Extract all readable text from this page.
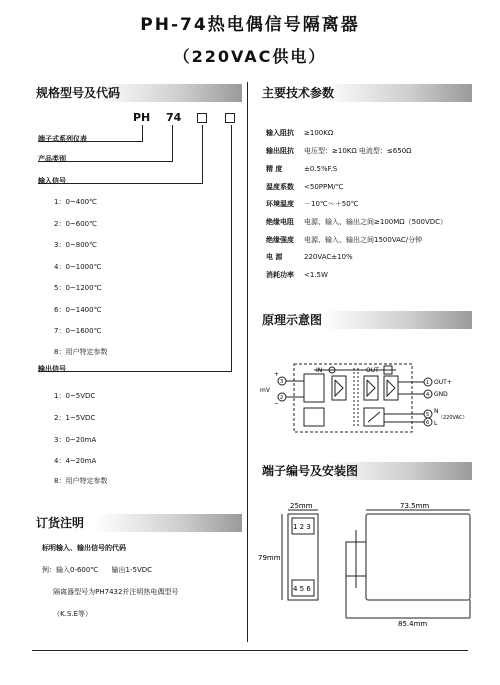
PH-74热电偶信号隔离器
（220VAC供电）
规格型号及代码
PH 74
端子式系列仪表
产品类别
输入信号
输出信号
1：0~400℃
2：0~600℃
3：0~800℃
4：0~1000℃
5：0~1200℃
6：0~1400℃
7：0~1600℃
8：用户特定参数
1：0~5VDC
2：1~5VDC
3：0~20mA
4：4~20mA
8：用户特定参数
订货注明
标明输入、输出信号的代码
例：输入0-600℃      输出1-5VDC
隔离器型号为PH7432并注明热电偶型号
（K.S.E等）
主要技术参数
输入阻抗 ≥100KΩ
输出阻抗 电压型：≥10KΩ 电流型：≤650Ω
精 度	±0.5%F.S
温度系数 <50PPM/℃
环境温度 －10℃～＋50℃
绝缘电阻 电源、输入、输出之间≥100MΩ（500VDC）
绝缘强度 电源、输入、输出之间1500VAC/分钟
电 源	220VAC±10%
消耗功率 <1.5W
原理示意图
mV
+
−
3
2
IN	OUT
1
4
5
6
OUT+
GND
N
L
（220VAC）
端子编号及安装图
25mm
79mm
73.5mm
85.4mm
1 2 3
4 5 6
